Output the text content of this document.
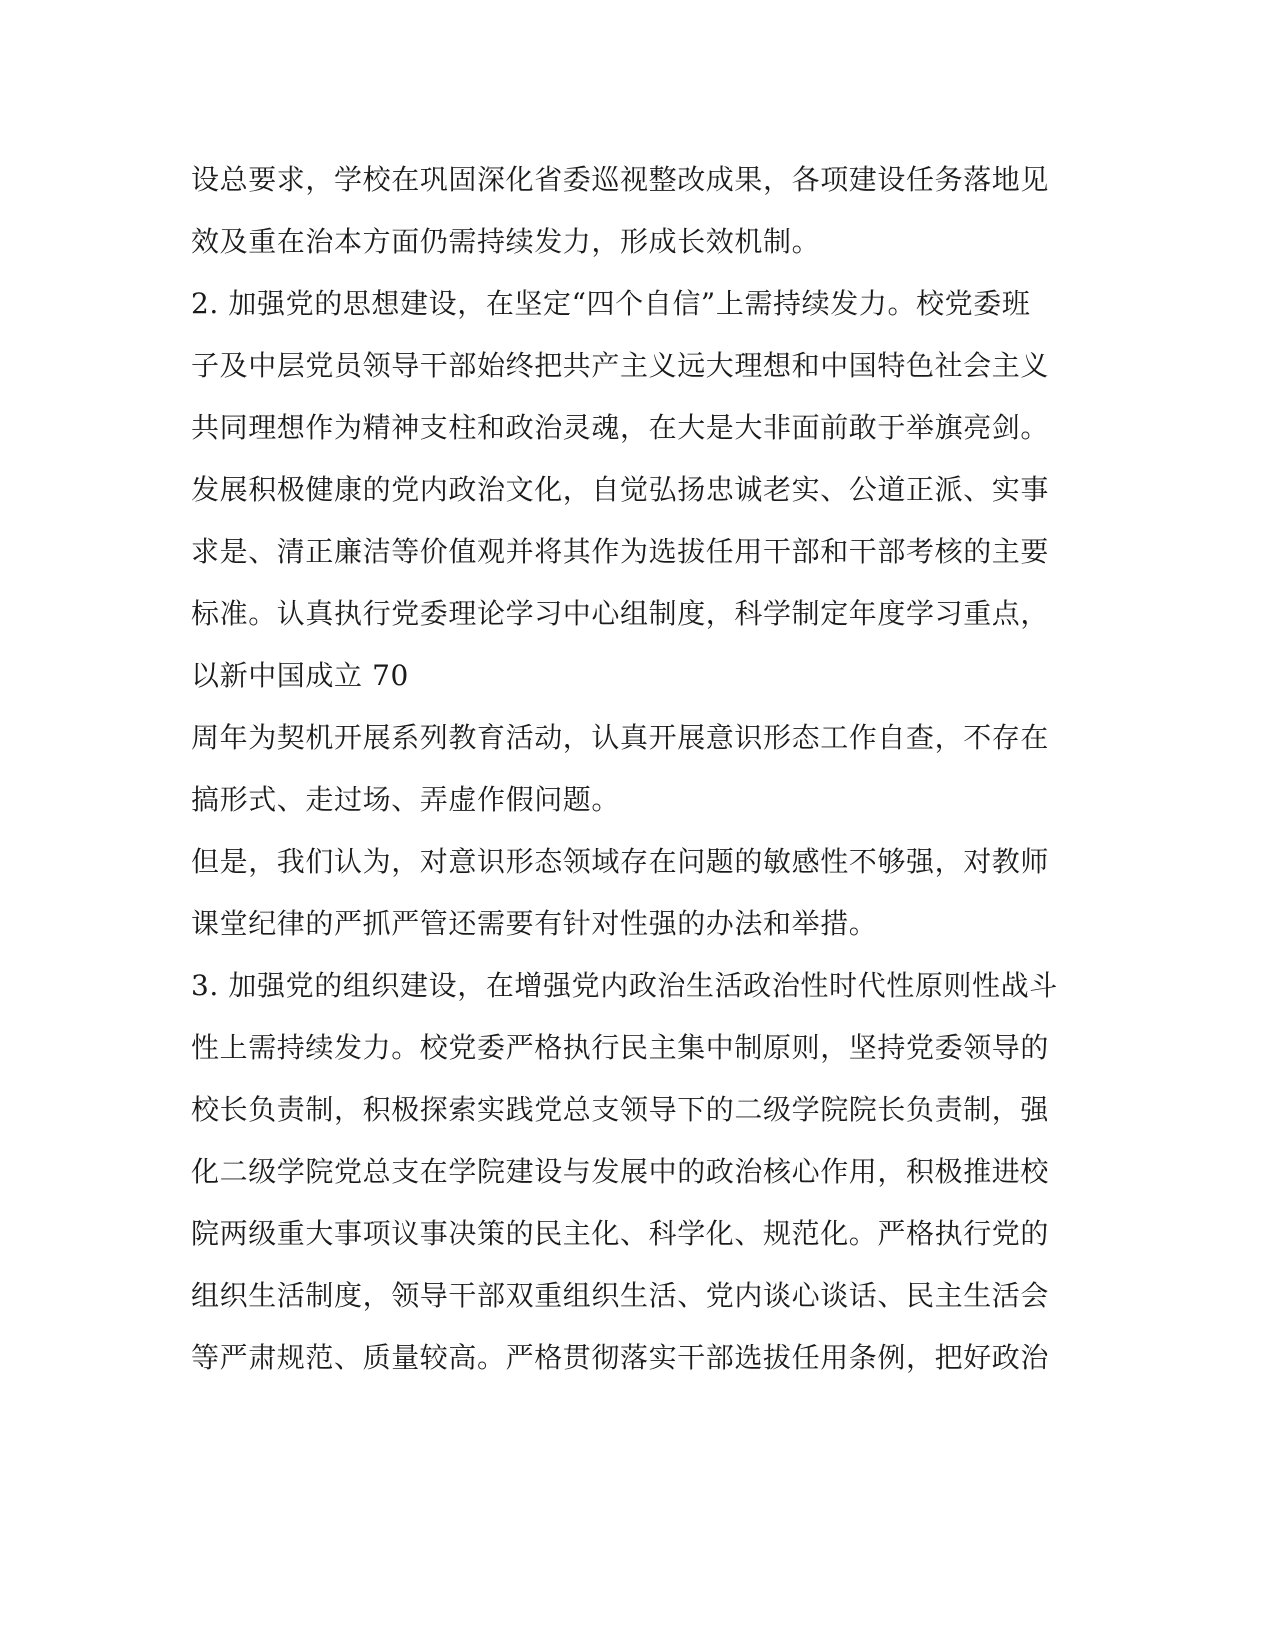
设总要求，学校在巩固深化省委巡视整改成果，各项建设任务落地见
效及重在治本方面仍需持续发力，形成长效机制。
2. 加强党的思想建设，在坚定“四个自信”上需持续发力。校党委班
子及中层党员领导干部始终把共产主义远大理想和中国特色社会主义
共同理想作为精神支柱和政治灵魂，在大是大非面前敢于举旗亮剑。
发展积极健康的党内政治文化，自觉弘扬忠诚老实、公道正派、实事
求是、清正廉洁等价值观并将其作为选拔任用干部和干部考核的主要
标准。认真执行党委理论学习中心组制度，科学制定年度学习重点，
以新中国成立 70
周年为契机开展系列教育活动，认真开展意识形态工作自查，不存在
搞形式、走过场、弄虚作假问题。
但是，我们认为，对意识形态领域存在问题的敏感性不够强，对教师
课堂纪律的严抓严管还需要有针对性强的办法和举措。
3. 加强党的组织建设，在增强党内政治生活政治性时代性原则性战斗
性上需持续发力。校党委严格执行民主集中制原则，坚持党委领导的
校长负责制，积极探索实践党总支领导下的二级学院院长负责制，强
化二级学院党总支在学院建设与发展中的政治核心作用，积极推进校
院两级重大事项议事决策的民主化、科学化、规范化。严格执行党的
组织生活制度，领导干部双重组织生活、党内谈心谈话、民主生活会
等严肃规范、质量较高。严格贯彻落实干部选拔任用条例，把好政治
